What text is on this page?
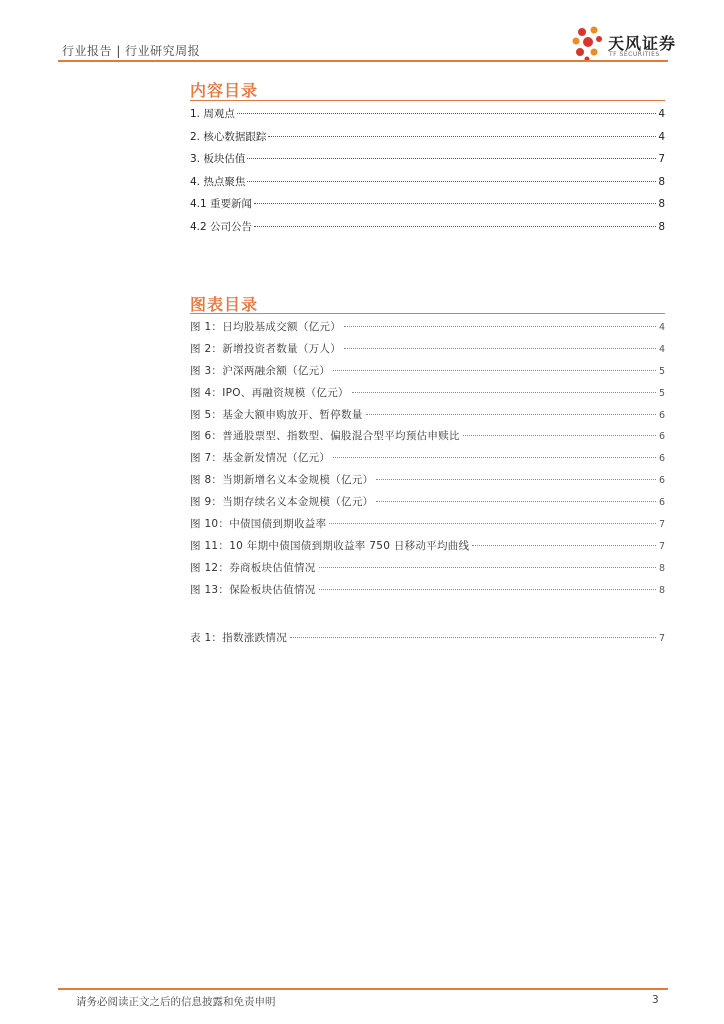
行业报告 | 行业研究周报	天风证券
TF SECURITIES
内容目录
1. 周观点	4
2. 核心数据跟踪	4
3. 板块估值	7
4. 热点聚焦	8
4.1 重要新闻	8
4.2 公司公告	8
图表目录
图 1：日均股基成交额（亿元）	4
图 2：新增投资者数量（万人）	4
图 3：沪深两融余额（亿元）	5
图 4：IPO、再融资规模（亿元）	5
图 5：基金大额申购放开、暂停数量	6
图 6：普通股票型、指数型、偏股混合型平均预估申赎比	6
图 7：基金新发情况（亿元）	6
图 8：当期新增名义本金规模（亿元）	6
图 9：当期存续名义本金规模（亿元）	6
图 10：中债国债到期收益率	7
图 11：10 年期中债国债到期收益率 750 日移动平均曲线	7
图 12：券商板块估值情况	8
图 13：保险板块估值情况	8
表 1：指数涨跌情况	7
请务必阅读正文之后的信息披露和免责申明	3
